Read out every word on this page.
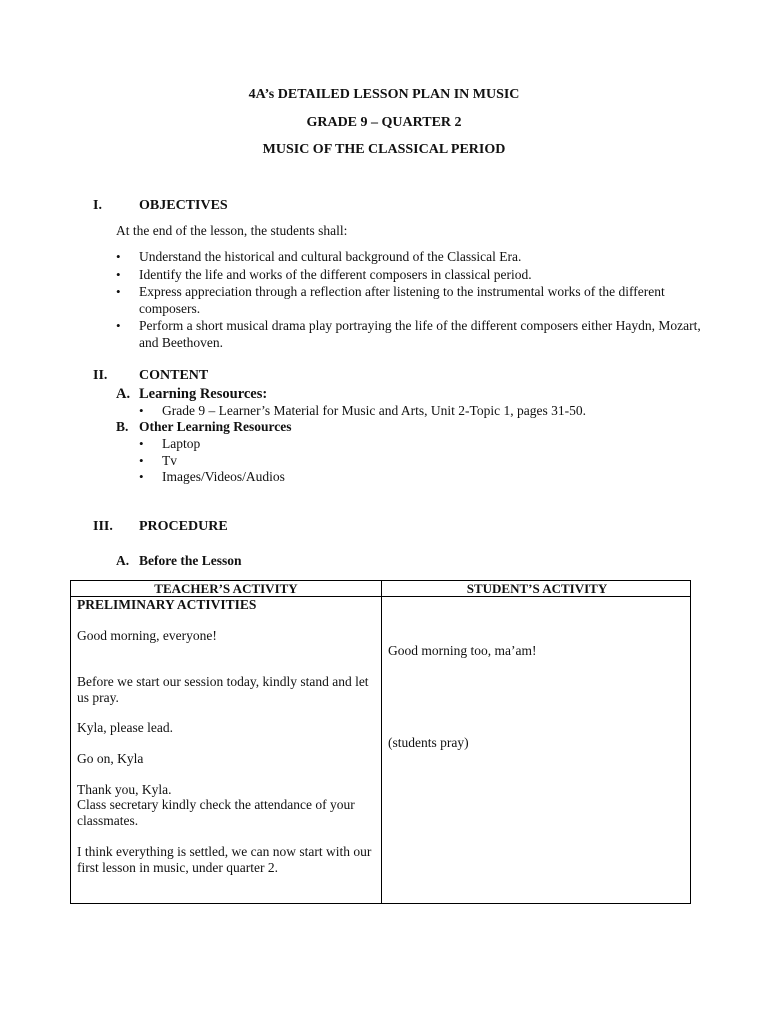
4A’s DETAILED LESSON PLAN IN MUSIC
GRADE 9 – QUARTER 2
MUSIC OF THE CLASSICAL PERIOD
I.	OBJECTIVES
At the end of the lesson, the students shall:
• Understand the historical and cultural background of the Classical Era.
• Identify the life and works of the different composers in classical period.
• Express appreciation through a reflection after listening to the instrumental works of the different composers.
• Perform a short musical drama play portraying the life of the different composers either Haydn, Mozart, and Beethoven.
II. CONTENT
A. Learning Resources:
• Grade 9 – Learner’s Material for Music and Arts, Unit 2-Topic 1, pages 31-50.
B. Other Learning Resources
• Laptop
• Tv
• Images/Videos/Audios
III. PROCEDURE
A. Before the Lesson
TEACHER’S ACTIVITY	STUDENT’S ACTIVITY
PRELIMINARY ACTIVITIES
Good morning, everyone!
Before we start our session today, kindly stand and let us pray.
Kyla, please lead.
Go on, Kyla
Thank you, Kyla.
Class secretary kindly check the attendance of your classmates.
I think everything is settled, we can now start with our first lesson in music, under quarter 2.
Good morning too, ma’am!
(students pray)
